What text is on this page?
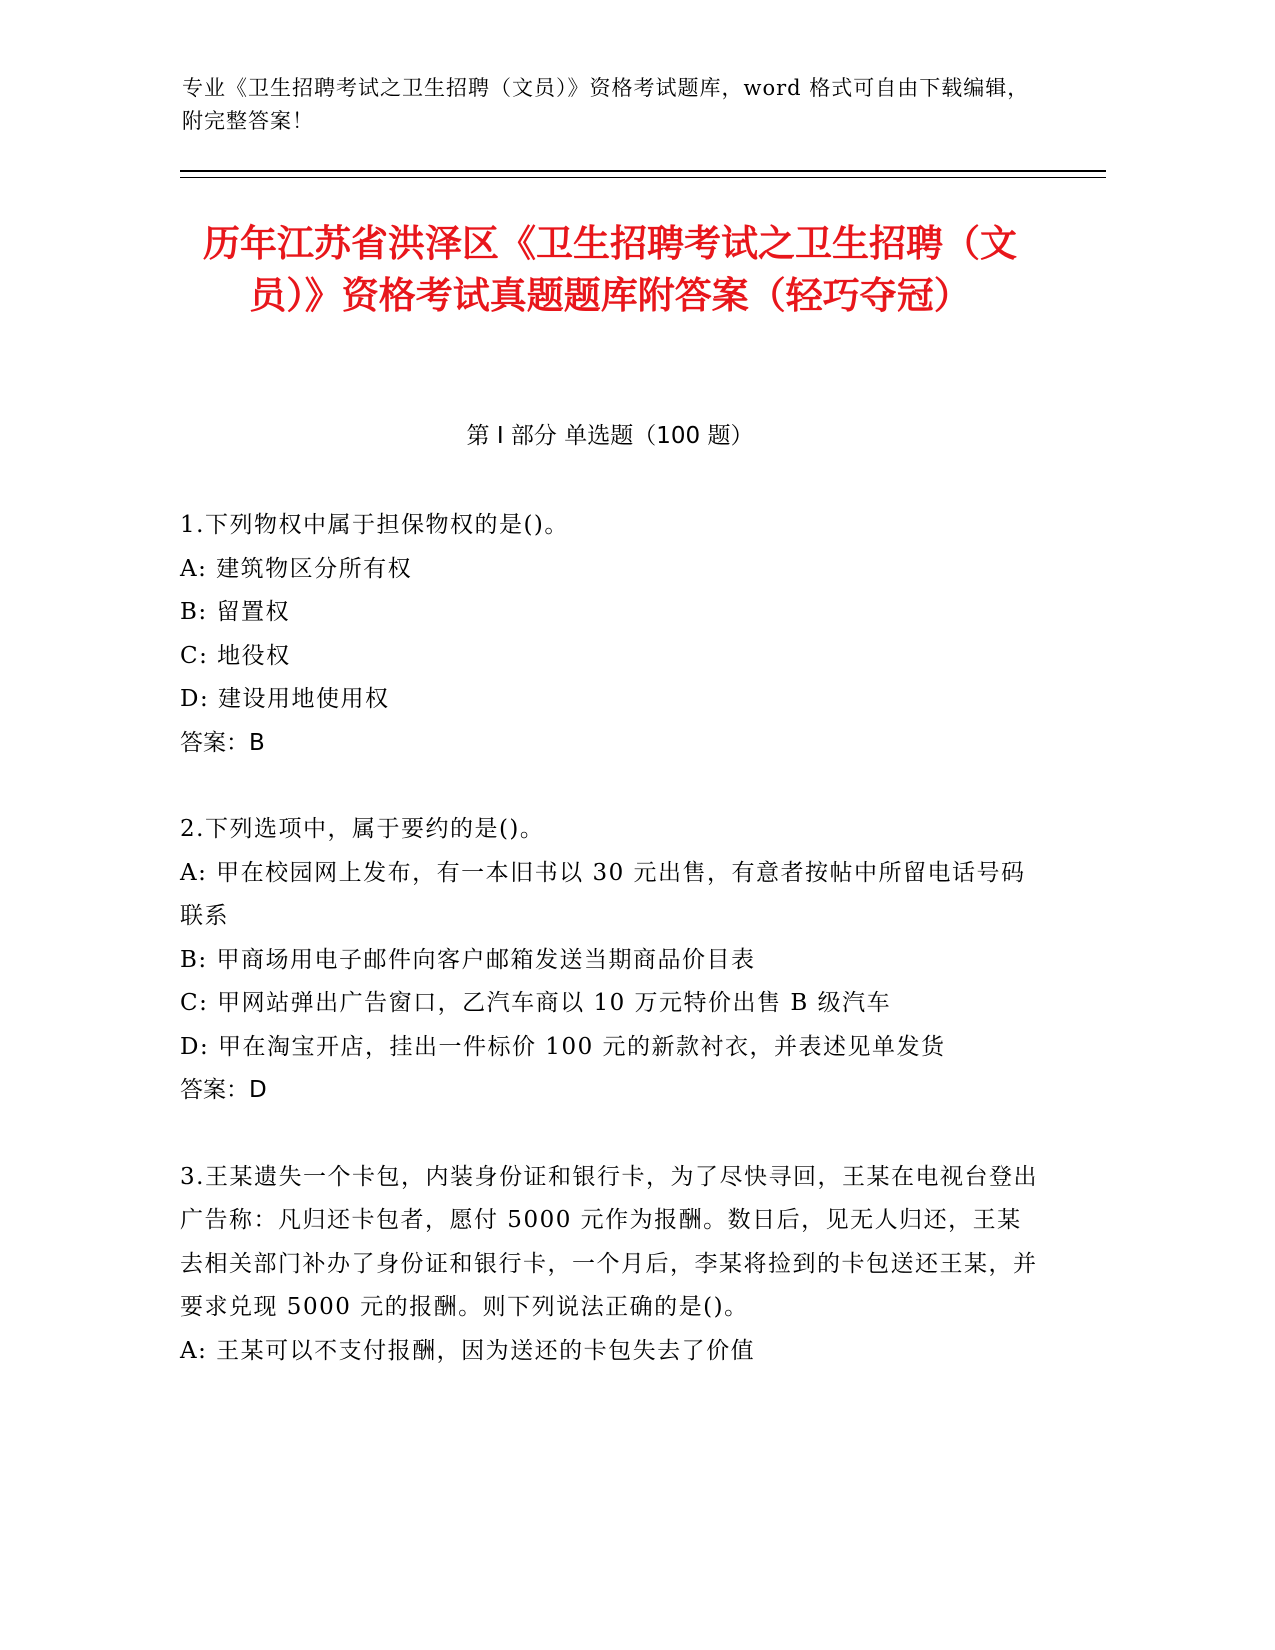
专业《卫生招聘考试之卫生招聘（文员）》资格考试题库，word 格式可自由下载编辑，附完整答案！
历年江苏省洪泽区《卫生招聘考试之卫生招聘（文员）》资格考试真题题库附答案（轻巧夺冠）
第 I 部分 单选题（100 题）
1.下列物权中属于担保物权的是()。
A: 建筑物区分所有权
B: 留置权
C: 地役权
D: 建设用地使用权
答案：B
2.下列选项中，属于要约的是()。
A: 甲在校园网上发布，有一本旧书以 30 元出售，有意者按帖中所留电话号码联系
B: 甲商场用电子邮件向客户邮箱发送当期商品价目表
C: 甲网站弹出广告窗口，乙汽车商以 10 万元特价出售 B 级汽车
D: 甲在淘宝开店，挂出一件标价 100 元的新款衬衣，并表述见单发货
答案：D
3.王某遗失一个卡包，内装身份证和银行卡，为了尽快寻回，王某在电视台登出广告称：凡归还卡包者，愿付 5000 元作为报酬。数日后，见无人归还，王某去相关部门补办了身份证和银行卡，一个月后，李某将捡到的卡包送还王某，并要求兑现 5000 元的报酬。则下列说法正确的是()。
A: 王某可以不支付报酬，因为送还的卡包失去了价值
